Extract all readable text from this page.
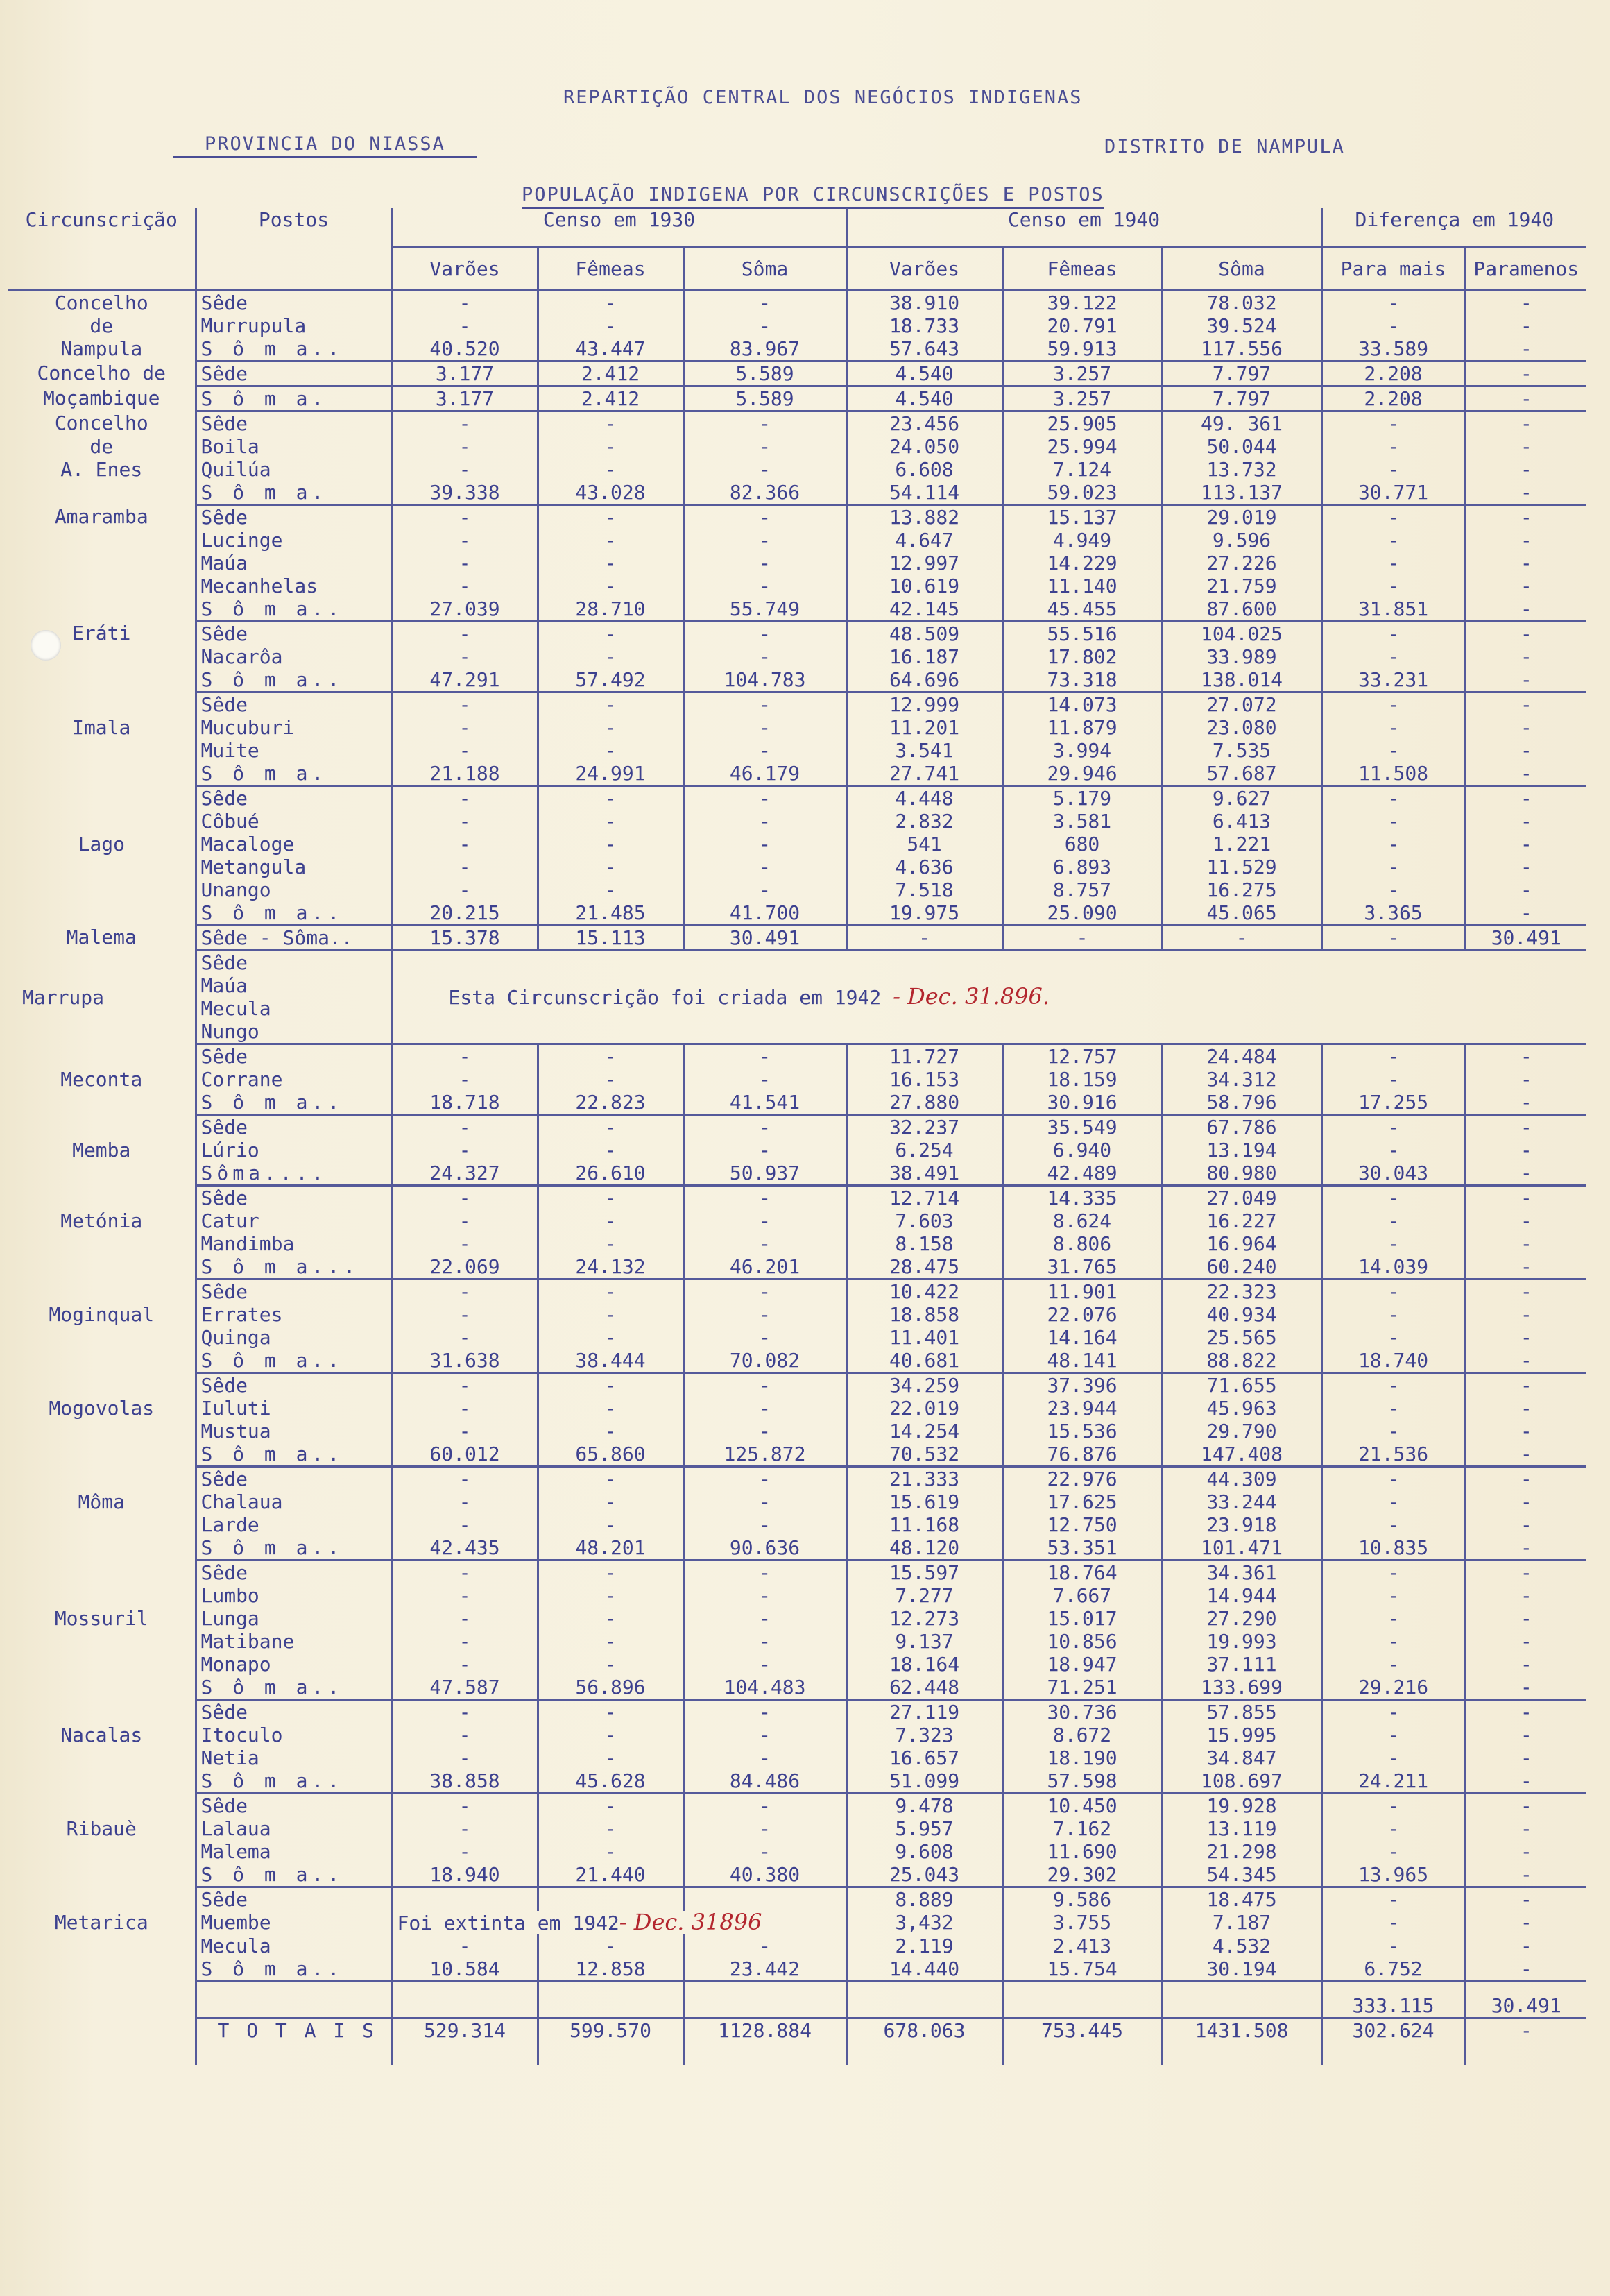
REPARTIÇÃO CENTRAL DOS NEGÓCIOS INDIGENAS
PROVINCIA DO NIASSA	DISTRITO DE NAMPULA
POPULAÇÃO INDIGENA POR CIRCUNSCRIÇÕES E POSTOS
Circunscrição	Postos	Censo em 1930			Censo em 1940			Diferença em 1940	
		Varões	Fêmeas	Sôma	Varões	Fêmeas	Sôma	Para mais	Paramenos
Concelho	Sêde	-	-	-	38.910	39.122	78.032	-	-
de	Murrupula	-	-	-	18.733	20.791	39.524	-	-
Nampula	S ô m a..	40.520	43.447	83.967	57.643	59.913	117.556	33.589	-
Concelho de	Sêde	3.177	2.412	5.589	4.540	3.257	7.797	2.208	-
Moçambique	S ô m a.	3.177	2.412	5.589	4.540	3.257	7.797	2.208	-
Concelho	Sêde	-	-	-	23.456	25.905	49. 361	-	-
de	Boila	-	-	-	24.050	25.994	50.044	-	-
A. Enes	Quilúa	-	-	-	6.608	7.124	13.732	-	-
	S ô m a.	39.338	43.028	82.366	54.114	59.023	113.137	30.771	-
Amaramba	Sêde	-	-	-	13.882	15.137	29.019	-	-
	Lucinge	-	-	-	4.647	4.949	9.596	-	-
	Maúa	-	-	-	12.997	14.229	27.226	-	-
	Mecanhelas	-	-	-	10.619	11.140	21.759	-	-
	S ô m a..	27.039	28.710	55.749	42.145	45.455	87.600	31.851	-
Eráti	Sêde	-	-	-	48.509	55.516	104.025	-	-
	Nacarôa	-	-	-	16.187	17.802	33.989	-	-
	S ô m a..	47.291	57.492	104.783	64.696	73.318	138.014	33.231	-
	Sêde	-	-	-	12.999	14.073	27.072	-	-
Imala	Mucuburi	-	-	-	11.201	11.879	23.080	-	-
	Muite	-	-	-	3.541	3.994	7.535	-	-
	S ô m a.	21.188	24.991	46.179	27.741	29.946	57.687	11.508	-
	Sêde	-	-	-	4.448	5.179	9.627	-	-
	Côbué	-	-	-	2.832	3.581	6.413	-	-
Lago	Macaloge	-	-	-	541	680	1.221	-	-
	Metangula	-	-	-	4.636	6.893	11.529	-	-
	Unango	-	-	-	7.518	8.757	16.275	-	-
	S ô m a..	20.215	21.485	41.700	19.975	25.090	45.065	3.365	-
Malema	Sêde - Sôma..	15.378	15.113	30.491	-	-	-	-	30.491
Marrupa	Sêde	Esta Circunscrição foi criada em 1942 - Dec. 31.896.							
	Maúa								
	Mecula								
	Nungo								
	Sêde	-	-	-	11.727	12.757	24.484	-	-
Meconta	Corrane	-	-	-	16.153	18.159	34.312	-	-
	S ô m a..	18.718	22.823	41.541	27.880	30.916	58.796	17.255	-
	Sêde	-	-	-	32.237	35.549	67.786	-	-
Memba	Lúrio	-	-	-	6.254	6.940	13.194	-	-
	Sôma....	24.327	26.610	50.937	38.491	42.489	80.980	30.043	-
	Sêde	-	-	-	12.714	14.335	27.049	-	-
Metónia	Catur	-	-	-	7.603	8.624	16.227	-	-
	Mandimba	-	-	-	8.158	8.806	16.964	-	-
	S ô m a...	22.069	24.132	46.201	28.475	31.765	60.240	14.039	-
	Sêde	-	-	-	10.422	11.901	22.323	-	-
Moginqual	Errates	-	-	-	18.858	22.076	40.934	-	-
	Quinga	-	-	-	11.401	14.164	25.565	-	-
	S ô m a..	31.638	38.444	70.082	40.681	48.141	88.822	18.740	-
	Sêde	-	-	-	34.259	37.396	71.655	-	-
Mogovolas	Iuluti	-	-	-	22.019	23.944	45.963	-	-
	Mustua	-	-	-	14.254	15.536	29.790	-	-
	S ô m a..	60.012	65.860	125.872	70.532	76.876	147.408	21.536	-
	Sêde	-	-	-	21.333	22.976	44.309	-	-
Môma	Chalaua	-	-	-	15.619	17.625	33.244	-	-
	Larde	-	-	-	11.168	12.750	23.918	-	-
	S ô m a..	42.435	48.201	90.636	48.120	53.351	101.471	10.835	-
	Sêde	-	-	-	15.597	18.764	34.361	-	-
	Lumbo	-	-	-	7.277	7.667	14.944	-	-
Mossuril	Lunga	-	-	-	12.273	15.017	27.290	-	-
	Matibane	-	-	-	9.137	10.856	19.993	-	-
	Monapo	-	-	-	18.164	18.947	37.111	-	-
	S ô m a..	47.587	56.896	104.483	62.448	71.251	133.699	29.216	-
	Sêde	-	-	-	27.119	30.736	57.855	-	-
Nacalas	Itoculo	-	-	-	7.323	8.672	15.995	-	-
	Netia	-	-	-	16.657	18.190	34.847	-	-
	S ô m a..	38.858	45.628	84.486	51.099	57.598	108.697	24.211	-
	Sêde	-	-	-	9.478	10.450	19.928	-	-
Ribauè	Lalaua	-	-	-	5.957	7.162	13.119	-	-
	Malema	-	-	-	9.608	11.690	21.298	-	-
	S ô m a..	18.940	21.440	40.380	25.043	29.302	54.345	13.965	-
	Sêde				8.889	9.586	18.475	-	-
Metarica	Muembe	Foi extinta em 1942- Dec. 31896			3,432	3.755	7.187	-	-
	Mecula	-	-	-	2.119	2.413	4.532	-	-
	S ô m a..	10.584	12.858	23.442	14.440	15.754	30.194	6.752	-
								333.115	30.491
	T O T A I S	529.314	599.570	1128.884	678.063	753.445	1431.508	302.624	-
